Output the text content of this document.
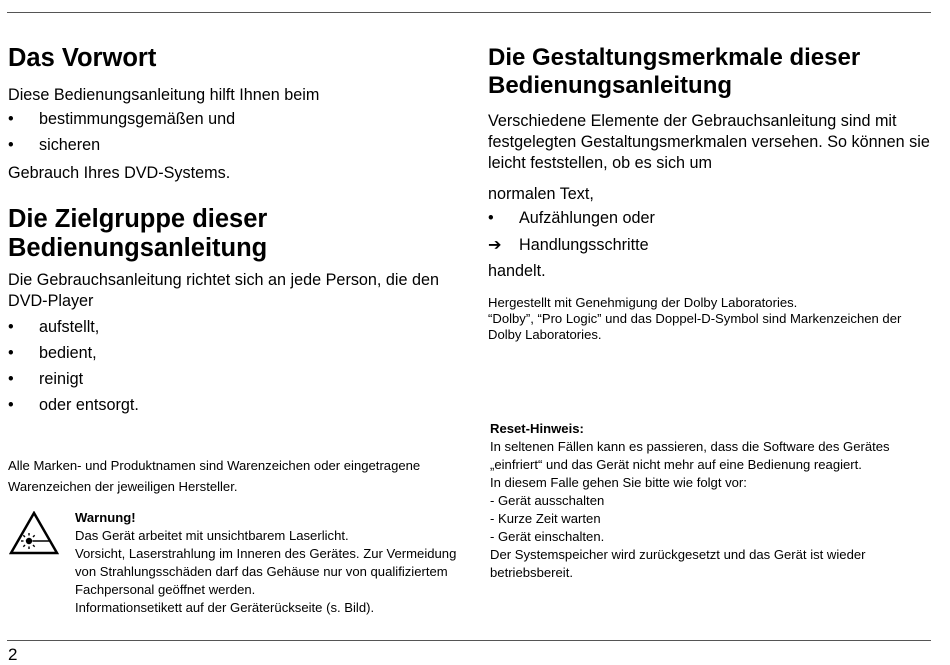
Das Vorwort

Diese Bedienungsanleitung hilft Ihnen beim

• bestimmungsgemäßen und
• sicheren

Gebrauch Ihres DVD-Systems.

Die Zielgruppe dieser
Bedienungsanleitung

Die Gebrauchsanleitung richtet sich an jede Person, die den DVD-Player

• aufstellt,
• bedient,
• reinigt
• oder entsorgt.

Alle Marken- und Produktnamen sind Warenzeichen oder eingetragene Warenzeichen der jeweiligen Hersteller.

Warnung!

Das Gerät arbeitet mit unsichtbarem Laserlicht.

Vorsicht, Laserstrahlung im Inneren des Gerätes. Zur Vermeidung von Strahlungsschäden darf das Gehäuse nur von qualifiziertem Fachpersonal geöffnet werden.

Informationsetikett auf der Geräterückseite (s. Bild).

Die Gestaltungsmerkmale dieser
Bedienungsanleitung

Verschiedene Elemente der Gebrauchsanleitung sind mit festgelegten Gestaltungsmerkmalen versehen. So können sie leicht feststellen, ob es sich um

normalen Text,

• Aufzählungen oder
➔ Handlungsschritte

handelt.

Hergestellt mit Genehmigung der Dolby Laboratories.

“Dolby”, “Pro Logic” und das Doppel-D-Symbol sind Markenzeichen der Dolby Laboratories.

Reset-Hinweis:

In seltenen Fällen kann es passieren, dass die Software des Gerätes „einfriert“ und das Gerät nicht mehr auf eine Bedienung reagiert.

In diesem Falle gehen Sie bitte wie folgt vor:

- Gerät ausschalten

- Kurze Zeit warten

- Gerät einschalten.

Der Systemspeicher wird zurückgesetzt und das Gerät ist wieder betriebsbereit.

2
